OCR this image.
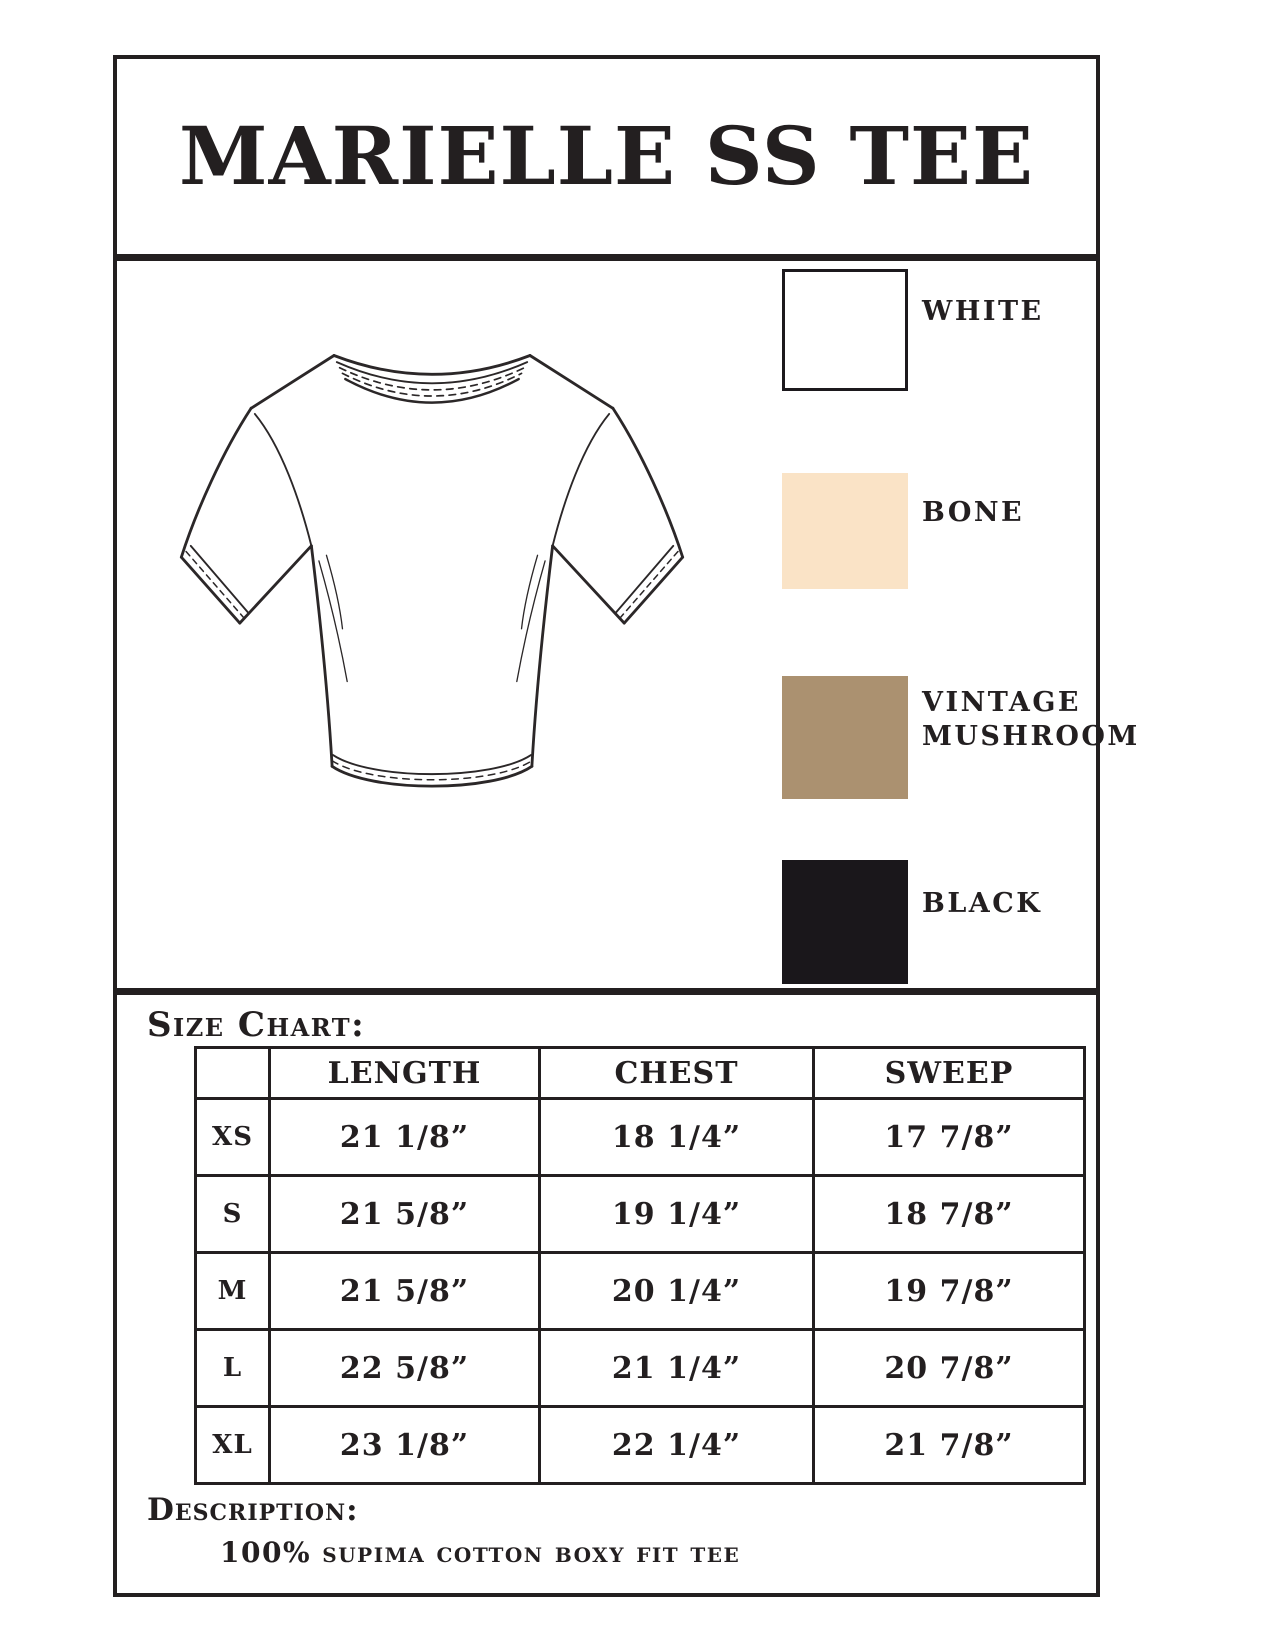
MARIELLE SS TEE
WHITE
BONE
VINTAGE MUSHROOM
BLACK
Size Chart:
	LENGTH	CHEST	SWEEP
XS	21 1/8”	18 1/4”	17 7/8”
S	21 5/8”	19 1/4”	18 7/8”
M	21 5/8”	20 1/4”	19 7/8”
L	22 5/8”	21 1/4”	20 7/8”
XL	23 1/8”	22 1/4”	21 7/8”
Description:
100% supima cotton boxy fit tee
